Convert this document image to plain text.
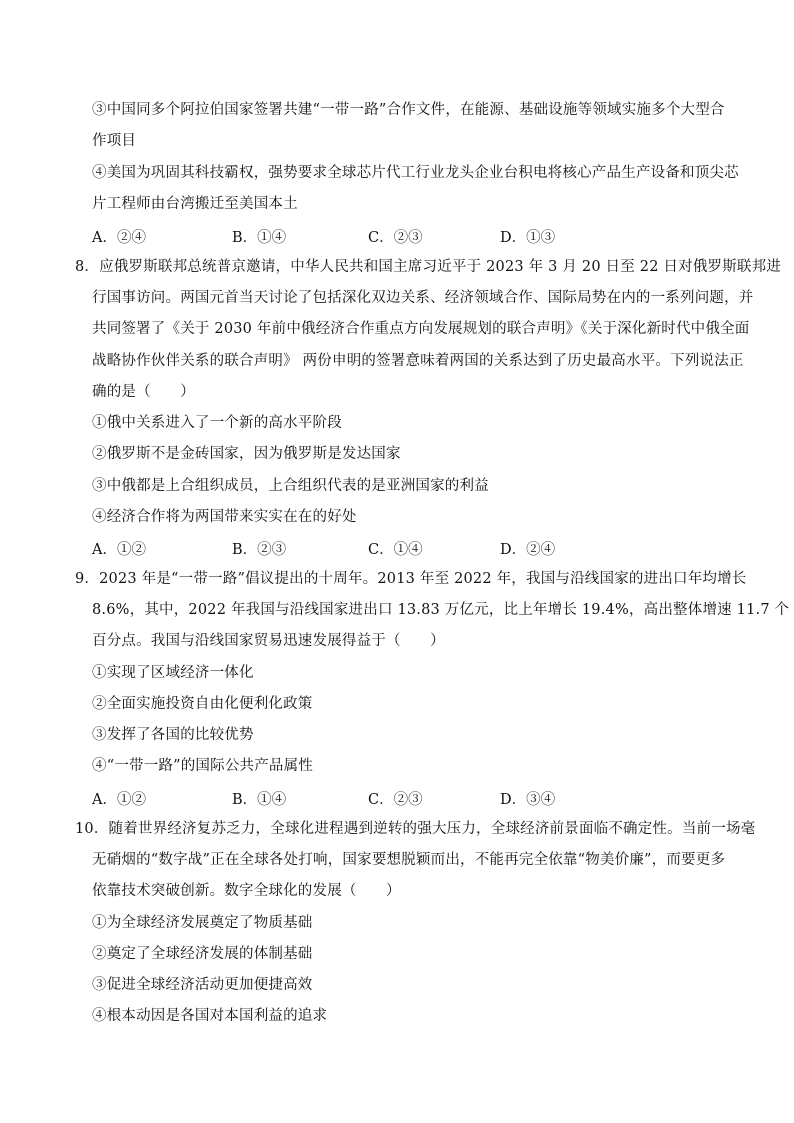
③中国同多个阿拉伯国家签署共建“一带一路”合作文件，在能源、基础设施等领域实施多个大型合
作项目
④美国为巩固其科技霸权，强势要求全球芯片代工行业龙头企业台积电将核心产品生产设备和顶尖芯
片工程师由台湾搬迁至美国本土
A．②④	B．①④	C．②③	D．①③
8．应俄罗斯联邦总统普京邀请，中华人民共和国主席习近平于 2023 年 3 月 20 日至 22 日对俄罗斯联邦进
行国事访问。两国元首当天讨论了包括深化双边关系、经济领域合作、国际局势在内的一系列问题，并
共同签署了《关于 2030 年前中俄经济合作重点方向发展规划的联合声明》《关于深化新时代中俄全面
战略协作伙伴关系的联合声明》 两份申明的签署意味着两国的关系达到了历史最高水平。下列说法正
确的是（　　）
①俄中关系进入了一个新的高水平阶段
②俄罗斯不是金砖国家，因为俄罗斯是发达国家
③中俄都是上合组织成员，上合组织代表的是亚洲国家的利益
④经济合作将为两国带来实实在在的好处
A．①②	B．②③	C．①④	D．②④
9．2023 年是“一带一路”倡议提出的十周年。2013 年至 2022 年，我国与沿线国家的进出口年均增长
8.6%，其中，2022 年我国与沿线国家进出口 13.83 万亿元，比上年增长 19.4%，高出整体增速 11.7 个
百分点。我国与沿线国家贸易迅速发展得益于（　　）
①实现了区域经济一体化
②全面实施投资自由化便利化政策
③发挥了各国的比较优势
④“一带一路”的国际公共产品属性
A．①②	B．①④	C．②③	D．③④
10．随着世界经济复苏乏力，全球化进程遇到逆转的强大压力，全球经济前景面临不确定性。当前一场毫
无硝烟的“数字战”正在全球各处打响，国家要想脱颖而出，不能再完全依靠“物美价廉”，而要更多
依靠技术突破创新。数字全球化的发展（　　）
①为全球经济发展奠定了物质基础
②奠定了全球经济发展的体制基础
③促进全球经济活动更加便捷高效
④根本动因是各国对本国利益的追求
